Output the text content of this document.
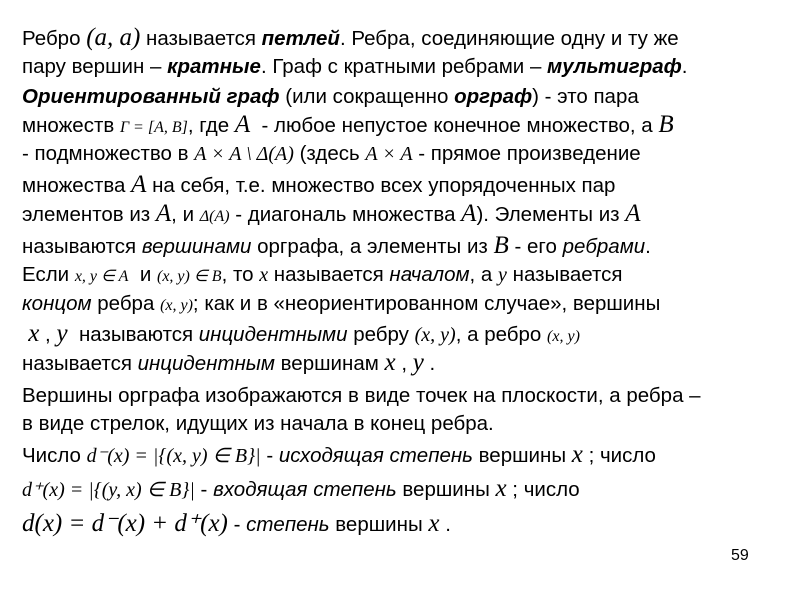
Ребро (a, a) называется петлей. Ребра, соединяющие одну и ту же
пару вершин – кратные. Граф с кратными ребрами – мультиграф.
Ориентированный граф (или сокращенно орграф) - это пара
множеств Γ = [A, B], где A  - любое непустое конечное множество, а B
- подмножество в A × A \ Δ(A) (здесь A × A - прямое произведение
множества A на себя, т.е. множество всех упорядоченных пар
элементов из A, и Δ(A) - диагональ множества A). Элементы из A
называются вершинами орграфа, а элементы из B - его ребрами.
Если x, y ∈ A  и (x, y) ∈ B, то x называется началом, а y называется
концом ребра (x, y); как и в «неориентированном случае», вершины
x , y  называются инцидентными ребру (x, y), а ребро (x, y)
называется инцидентным вершинам x , y .
Вершины орграфа изображаются в виде точек на плоскости, а ребра –
в виде стрелок, идущих из начала в конец ребра.
Число d⁻(x) = |{(x, y) ∈ B}| - исходящая степень вершины x ; число
d⁺(x) = |{(y, x) ∈ B}| - входящая степень вершины x ; число
d(x) = d⁻(x) + d⁺(x) - степень вершины x .
59
